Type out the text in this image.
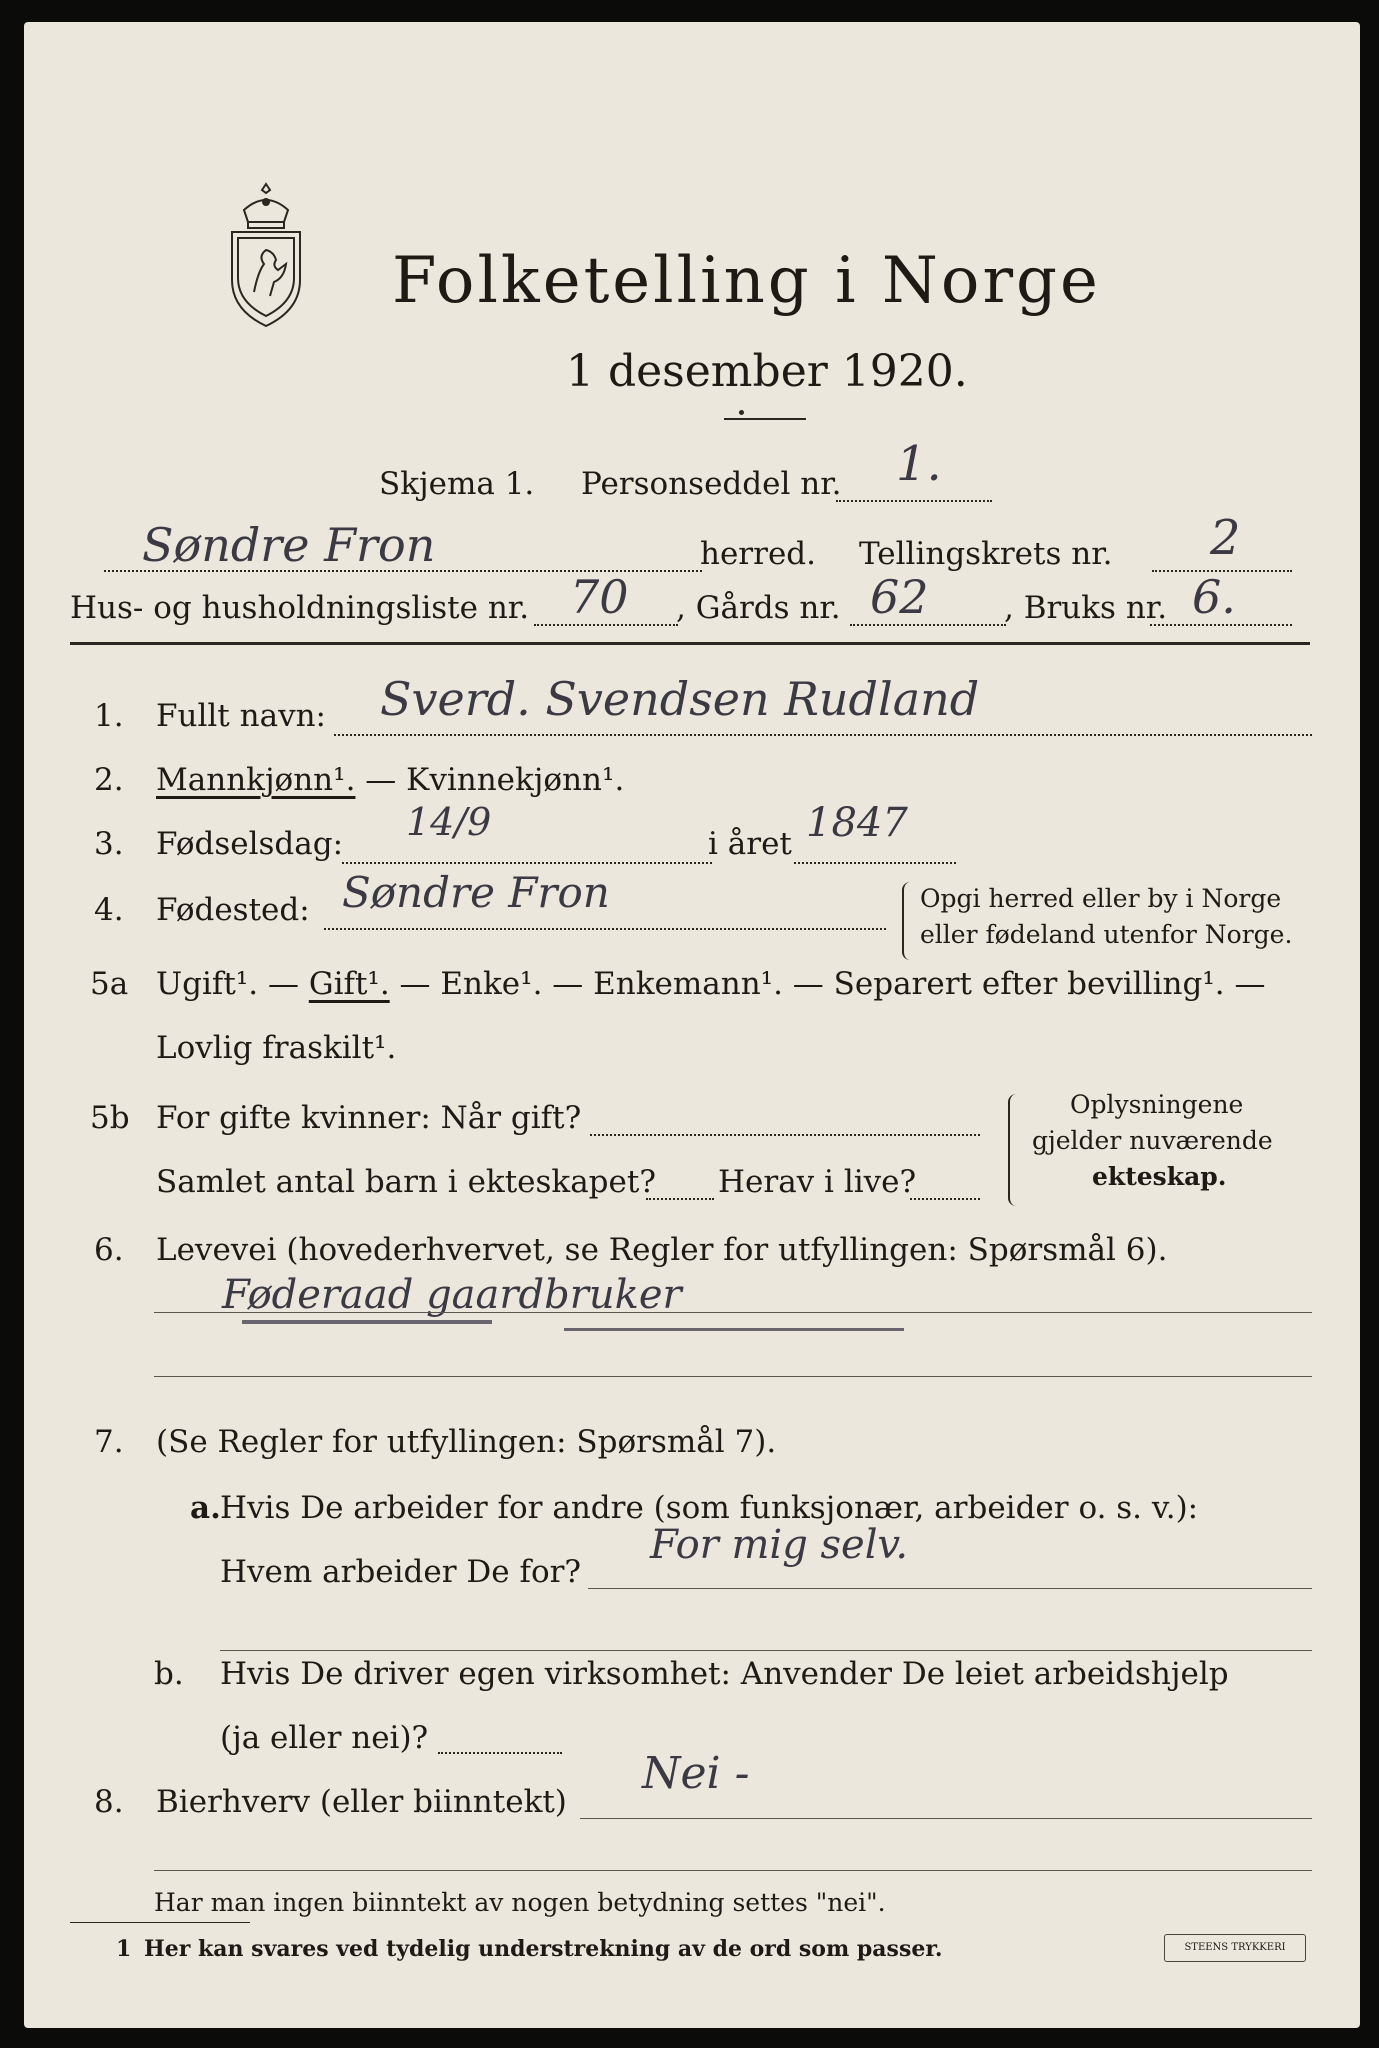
Folketelling i Norge
1 desember 1920.
Skjema 1. Personseddel nr. 1.
Søndre Fron	herred. Tellingskrets nr. 2
Hus- og husholdningsliste nr. 70 , Gårds nr. 62 , Bruks nr. 6.
1. Fullt navn: Sverd. Svendsen Rudland
2. Mannkjønn¹. — Kvinnekjønn¹.
3. Fødselsdag: 14/9	i året 1847
4. Fødested: Søndre Fron	Opgi herred eller by i Norge
eller fødeland utenfor Norge.
5a Ugift¹. — Gift¹. — Enke¹. — Enkemann¹. — Separert efter bevilling¹. —
Lovlig fraskilt¹.
5b For gifte kvinner: Når gift?
Samlet antal barn i ekteskapet? Herav i live?
Oplysningene
gjelder nuværende
ekteskap.
6. Levevei (hovederhvervet, se Regler for utfyllingen: Spørsmål 6).
Føderaad gaardbruker
7. (Se Regler for utfyllingen: Spørsmål 7).
a. Hvis De arbeider for andre (som funksjonær, arbeider o. s. v.):
Hvem arbeider De for?
For mig selv.
b. Hvis De driver egen virksomhet: Anvender De leiet arbeidshjelp
(ja eller nei)?
8. Bierhverv (eller biinntekt)
Nei -
Har man ingen biinntekt av nogen betydning settes "nei".
1 Her kan svares ved tydelig understrekning av de ord som passer.	STEENS TRYKKERI
